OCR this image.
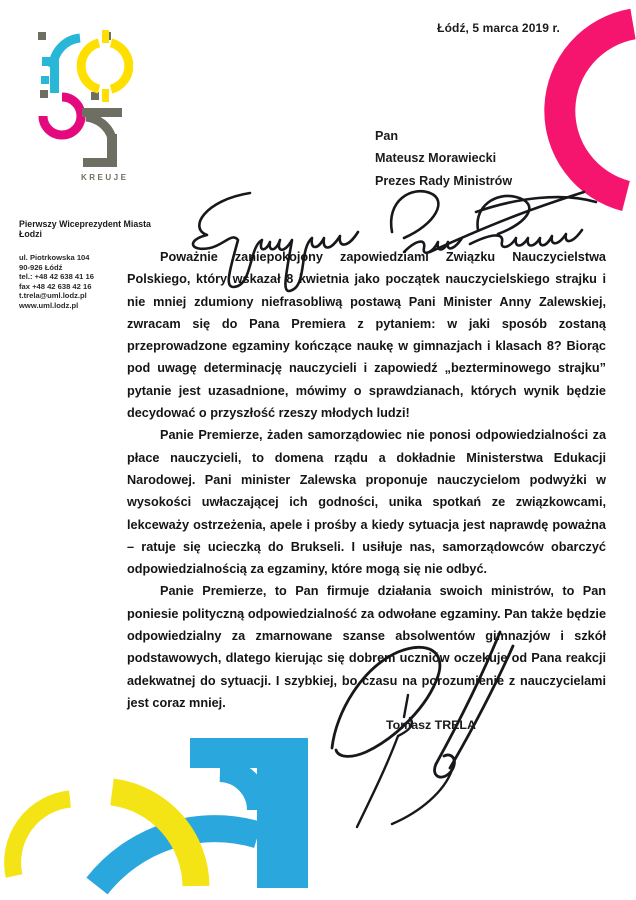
KREUJE
Łódź, 5 marca 2019 r.
Pan
Mateusz Morawiecki
Prezes Rady Ministrów

Pierwszy Wiceprezydent Miasta Łodzi

ul. Piotrkowska 104
90-926 Łódź
tel.: +48 42 638 41 16
fax +48 42 638 42 16
t.trela@uml.lodz.pl
www.uml.lodz.pl

Poważnie zaniepokojony zapowiedziami Związku Nauczycielstwa Polskiego, który wskazał 8 kwietnia jako początek nauczycielskiego strajku i nie mniej zdumiony niefrasobliwą postawą Pani Minister Anny Zalewskiej, zwracam się do Pana Premiera z pytaniem: w jaki sposób zostaną przeprowadzone egzaminy kończące naukę w gimnazjach i klasach 8? Biorąc pod uwagę determinację nauczycieli i zapowiedź „bezterminowego strajku” pytanie jest uzasadnione, mówimy o sprawdzianach, których wynik będzie decydować o przyszłość rzeszy młodych ludzi!

Panie Premierze, żaden samorządowiec nie ponosi odpowiedzialności za płace nauczycieli, to domena rządu a dokładnie Ministerstwa Edukacji Narodowej. Pani minister Zalewska proponuje nauczycielom podwyżki w wysokości uwłaczającej ich godności, unika spotkań ze związkowcami, lekceważy ostrzeżenia, apele i prośby a kiedy sytuacja jest naprawdę poważna – ratuje się ucieczką do Brukseli. I usiłuje nas, samorządowców obarczyć odpowiedzialnością za egzaminy, które mogą się nie odbyć.

Panie Premierze, to Pan firmuje działania swoich ministrów, to Pan poniesie polityczną odpowiedzialność za odwołane egzaminy. Pan także będzie odpowiedzialny za zmarnowane szanse absolwentów gimnazjów i szkół podstawowych, dlatego kierując się dobrem uczniów oczekuję od Pana reakcji adekwatnej do sytuacji. I szybkiej, bo czasu na porozumienie z nauczycielami jest coraz mniej.

Tomasz TRELA
